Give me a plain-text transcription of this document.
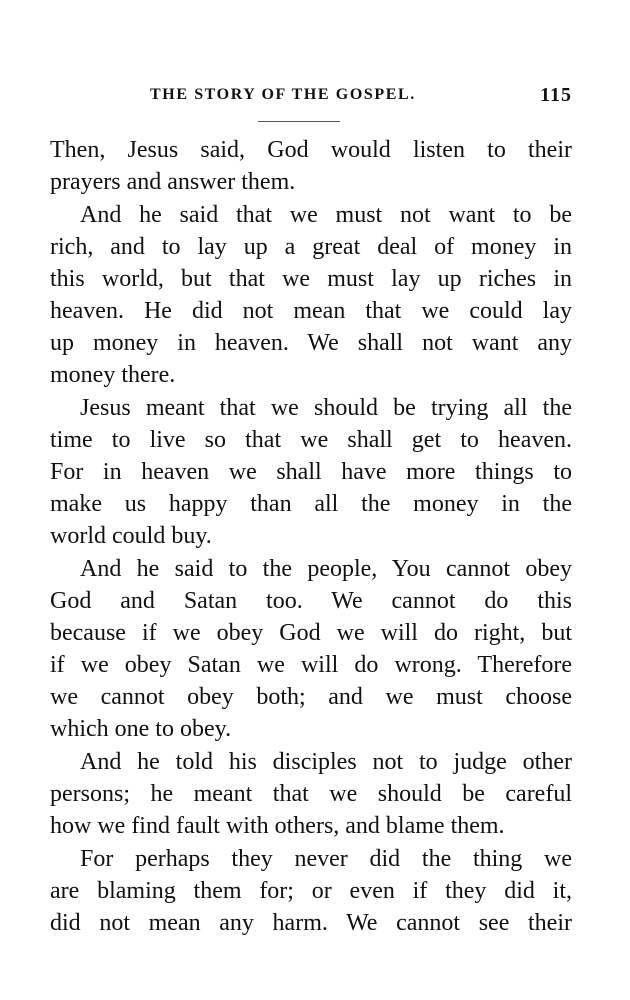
THE STORY OF THE GOSPEL.	115
Then, Jesus said, God would listen to their
prayers and answer them.
And he said that we must not want to be
rich, and to lay up a great deal of money in
this world, but that we must lay up riches in
heaven. He did not mean that we could lay
up money in heaven. We shall not want any
money there.
Jesus meant that we should be trying all the
time to live so that we shall get to heaven.
For in heaven we shall have more things to
make us happy than all the money in the
world could buy.
And he said to the people, You cannot obey
God and Satan too. We cannot do this
because if we obey God we will do right, but
if we obey Satan we will do wrong. Therefore
we cannot obey both; and we must choose
which one to obey.
And he told his disciples not to judge other
persons; he meant that we should be careful
how we find fault with others, and blame them.
For perhaps they never did the thing we
are blaming them for; or even if they did it,
did not mean any harm. We cannot see their
